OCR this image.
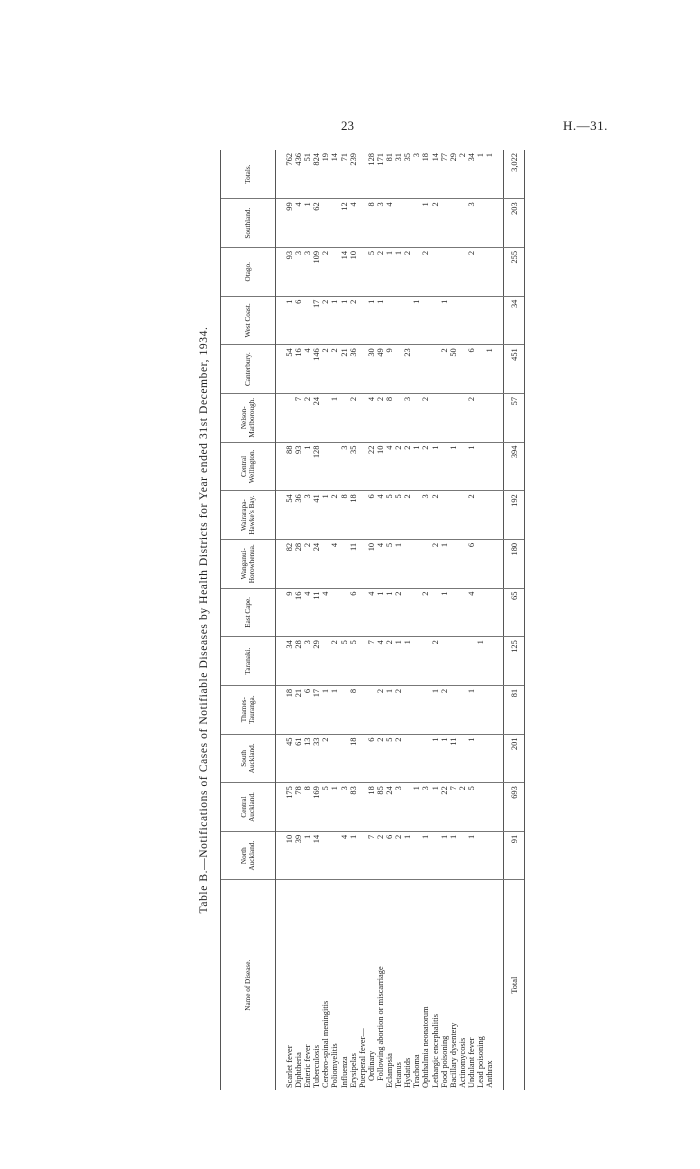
23	H.—31.
Table B.—Notifications of Cases of Notifiable Diseases by Health Districts for Year ended 31st December, 1934.
Name of Disease.	North Auckland.	Central Auckland.	South Auckland.	Thames-Tauranga.	Taranaki.	East Cape.	Wanganui-Horowhenua.	Wairarapa-Hawke's Bay.	Central Wellington.	Nelson-Marlborough.	Canterbury.	West Coast.	Otago.	Southland.	Totals.

Scarlet fever	10	175	45	18	34	9	82	54	88		54	1	93	99	762
Diphtheria	39	78	61	21	28	16	28	36	93	7	16	6	3	4	436
Enteric fever	1	8	13	6	3	4	2	3	1	2	4		3	1	51
Tuberculosis	14	169	33	17	29	11	24	41	128	24	146	17	109	62	824
Cerebro-spinal meningitis		5	2	1		4		1			2	2	2		19
Poliomyelitis		1		1	2		4	2		1	2	1			14
Influenza	4	3			5			8	3		21	1	14	12	71
Erysipelas	1	83	18	8	5	6	11	18	35	2	36	2	10	4	239
Puerperal fever—															
Ordinary	7	18	6		7	4	10	6	22	4	30	1	5	8	128
Following abortion or miscarriage	2	85	2	2	4	1	4	4	10	2	49	1	2	3	171
Eclampsia	6	24	5	1	2	1	5	5	4	8	9		1	4	81
Tetanus	2	3	2	2	1	2	1	5	2				1		31
Hydatids	1				1			2	2	3	23		2		35
Trachoma		1							1			1			3
Ophthalmia neonatorum	1	3				2		3	2	2			2	1	18
Lethargic encephalitis		1	1	1	2		2	2	1					2	14
Food poisoning	1	22	1	2		1	1				2	1			77
Bacillary dysentery	1	7	11						1		50				29
Actinomycosis		2													2
Undulant fever	1	5	1	1		4	6	2	1	2	6		2	3	34
Lead poisoning					1										1
Anthrax											1				1

Total	91	693	201	81	125	65	180	192	394	57	451	34	255	203	3,022
